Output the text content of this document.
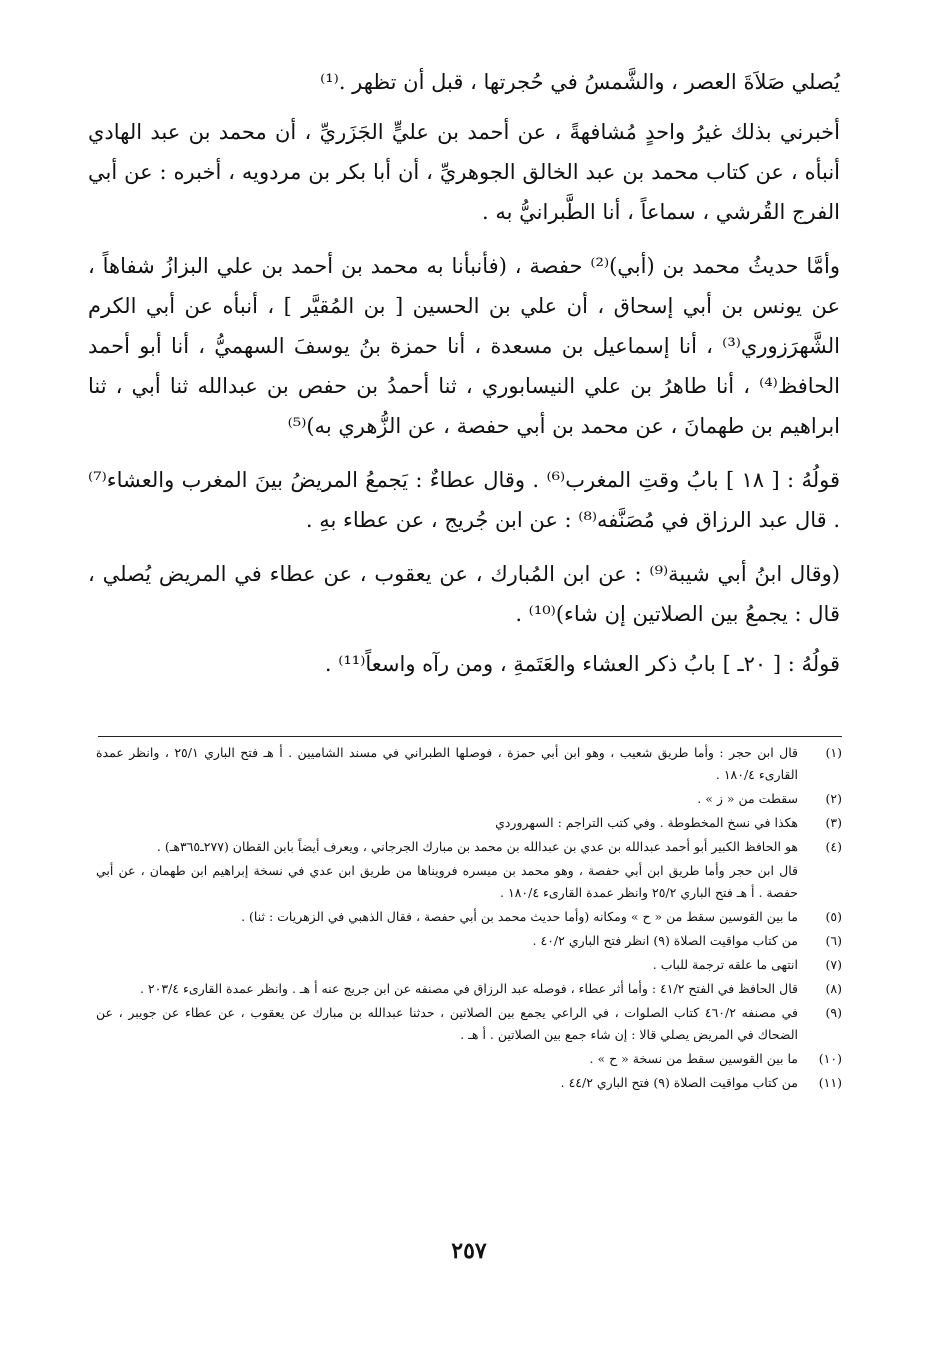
يُصلي صَلاَةَ العصر ، والشَّمسُ في حُجرتها ، قبل أن تظهر .⁽¹⁾

أخبرني بذلك غيرُ واحدٍ مُشافهةً ، عن أحمد بن عليٍّ الجَزَريِّ ، أن محمد بن عبد الهادي أنبأه ، عن كتاب محمد بن عبد الخالق الجوهريِّ ، أن أبا بكر بن مردويه ، أخبره : عن أبي الفرج القُرشي ، سماعاً ، أنا الطَّبرانيُّ به .

وأمَّا حديثُ محمد بن (أبي)⁽²⁾ حفصة ، (فأنبأنا به محمد بن أحمد بن علي البزازُ شفاهاً ، عن يونس بن أبي إسحاق ، أن علي بن الحسين [ بن المُقيَّر ] ، أنبأه عن أبي الكرم الشَّهرَزوري⁽³⁾ ، أنا إسماعيل بن مسعدة ، أنا حمزة بنُ يوسفَ السهميُّ ، أنا أبو أحمد الحافظ⁽⁴⁾ ، أنا طاهرُ بن علي النيسابوري ، ثنا أحمدُ بن حفص بن عبدالله ثنا أبي ، ثنا ابراهيم بن طهمانَ ، عن محمد بن أبي حفصة ، عن الزُّهري به)⁽⁵⁾

قولُهُ : [ ١٨ ] بابُ وقتِ المغرب⁽⁶⁾ . وقال عطاءٌ : يَجمعُ المريضُ بينَ المغرب والعشاء⁽⁷⁾ . قال عبد الرزاق في مُصَنَّفه⁽⁸⁾ : عن ابن جُريج ، عن عطاء بهِ .

(وقال ابنُ أبي شيبة⁽⁹⁾ : عن ابن المُبارك ، عن يعقوب ، عن عطاء في المريض يُصلي ، قال : يجمعُ بين الصلاتين إن شاء)⁽¹⁰⁾ .

قولُهُ : [ ٢٠ـ ] بابُ ذكر العشاء والعَتَمةِ ، ومن رآه واسعاً⁽¹¹⁾ .

(١)
قال ابن حجر : وأما طريق شعيب ، وهو ابن أبي حمزة ، فوصلها الطبراني في مسند الشاميين . أ هـ فتح الباري ٢٥/١ ، وانظر عمدة القارىء ١٨٠/٤ .
(٢)
سقطت من « ز » .
(٣)
هكذا في نسخ المخطوطة . وفي كتب التراجم : السهروردي
(٤)
هو الحافظ الكبير أبو أحمد عبدالله بن عدي بن عبدالله بن محمد بن مبارك الجرجاني ، ويعرف أيضاً بابن القطان (٢٧٧ـ٣٦٥هـ) .
قال ابن حجر وأما طريق ابن أبي حفصة ، وهو محمد بن ميسره فرويناها من طريق ابن عدي في نسخة إبراهيم ابن طهمان ، عن أبي حفصة . أ هـ فتح الباري ٢٥/٢ وانظر عمدة القارىء ١٨٠/٤ .
(٥)
ما بين القوسين سقط من « ح » ومكانه (وأما حديث محمد بن أبي حفصة ، فقال الذهبي في الزهريات : ثنا) .
(٦)
من كتاب مواقيت الصلاة (٩) انظر فتح الباري ٤٠/٢ .
(٧)
انتهى ما علقه ترجمة للباب .
(٨)
قال الحافظ في الفتح ٤١/٢ : وأما أثر عطاء ، فوصله عبد الرزاق في مصنفه عن ابن جريج عنه أ هـ . وانظر عمدة القارىء ٢٠٣/٤ .
(٩)
في مصنفه ٤٦٠/٢ كتاب الصلوات ، في الراعي يجمع بين الصلاتين ، حدثنا عبدالله بن مبارك عن يعقوب ، عن عطاء عن جويبر ، عن الضحاك في المريض يصلي قالا : إن شاء جمع بين الصلاتين . أ هـ .
(١٠)
ما بين القوسين سقط من نسخة « ح » .
(١١)
من كتاب مواقيت الصلاة (٩) فتح الباري ٤٤/٢ .
٢٥٧
